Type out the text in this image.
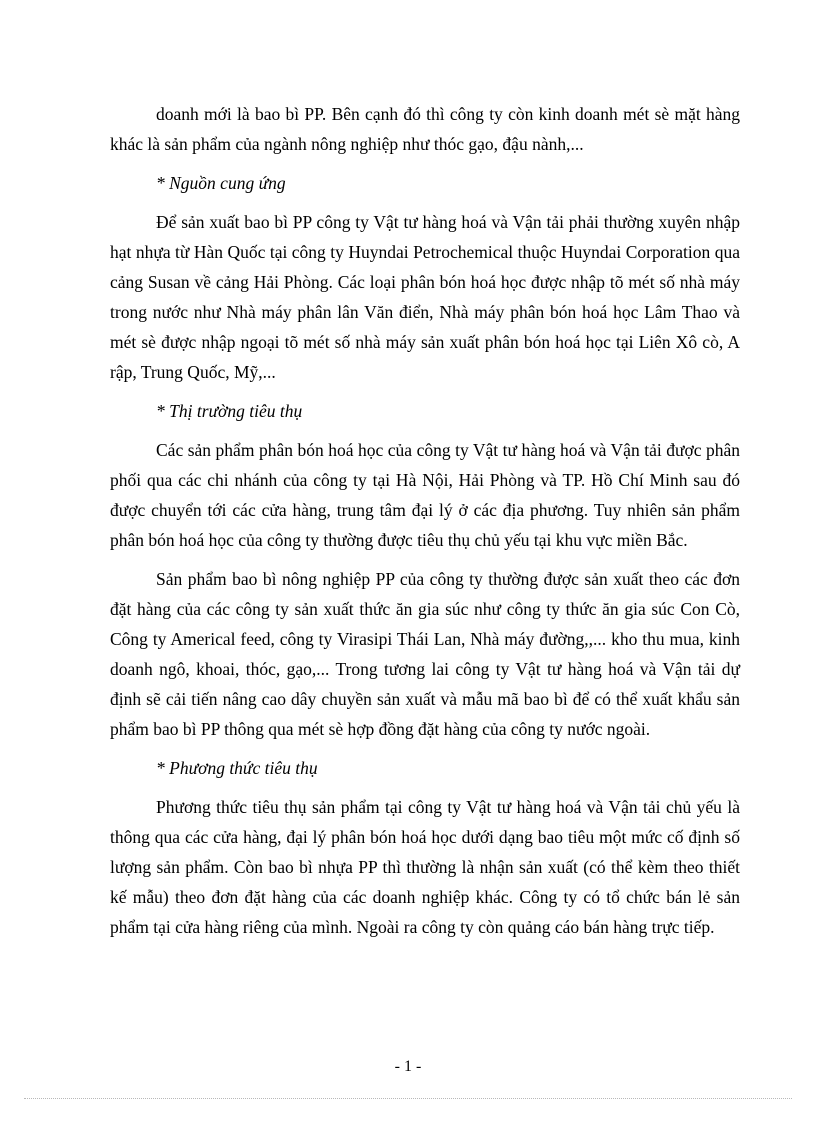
doanh mới là bao bì PP. Bên cạnh đó thì công ty còn kinh doanh mét sè mặt hàng khác là sản phẩm của ngành nông nghiệp như thóc gạo, đậu nành,...

* Nguồn cung ứng

Để sản xuất bao bì PP công ty Vật tư hàng hoá và Vận tải phải thường xuyên nhập hạt nhựa từ Hàn Quốc tại công ty Huyndai Petrochemical thuộc Huyndai Corporation qua cảng Susan về cảng Hải Phòng. Các loại phân bón hoá học được nhập tõ mét số nhà máy trong nước như Nhà máy phân lân Văn điển, Nhà máy phân bón hoá học Lâm Thao và mét sè được nhập ngoại tõ mét số nhà máy sản xuất phân bón hoá học tại Liên Xô cò, A rập, Trung Quốc, Mỹ,...

* Thị trường tiêu thụ

Các sản phẩm phân bón hoá học của công ty Vật tư hàng hoá và Vận tải được phân phối qua các chi nhánh của công ty tại Hà Nội, Hải Phòng và TP. Hồ Chí Minh sau đó được chuyển tới các cửa hàng, trung tâm đại lý ở các địa phương. Tuy nhiên sản phẩm phân bón hoá học của công ty thường được tiêu thụ chủ yếu tại khu vực miền Bắc.

Sản phẩm bao bì nông nghiệp PP của công ty thường được sản xuất theo các đơn đặt hàng của các công ty sản xuất thức ăn gia súc như công ty thức ăn gia súc Con Cò, Công ty Americal feed, công ty Virasipi Thái Lan, Nhà máy đường,,... kho thu mua, kinh doanh ngô, khoai, thóc, gạo,... Trong tương lai công ty Vật tư hàng hoá và Vận tải dự định sẽ cải tiến nâng cao dây chuyền sản xuất và mẫu mã bao bì để có thể xuất khẩu sản phẩm bao bì PP thông qua mét sè hợp đồng đặt hàng của công ty nước ngoài.

* Phương thức tiêu thụ

Phương thức tiêu thụ sản phẩm tại công ty Vật tư hàng hoá và Vận tải chủ yếu là thông qua các cửa hàng, đại lý phân bón hoá học dưới dạng bao tiêu một mức cố định số lượng sản phẩm. Còn bao bì nhựa PP thì thường là nhận sản xuất (có thể kèm theo thiết kế mẫu) theo đơn đặt hàng của các doanh nghiệp khác. Công ty có tổ chức bán lẻ sản phẩm tại cửa hàng riêng của mình. Ngoài ra công ty còn quảng cáo bán hàng trực tiếp.

- 1 -
